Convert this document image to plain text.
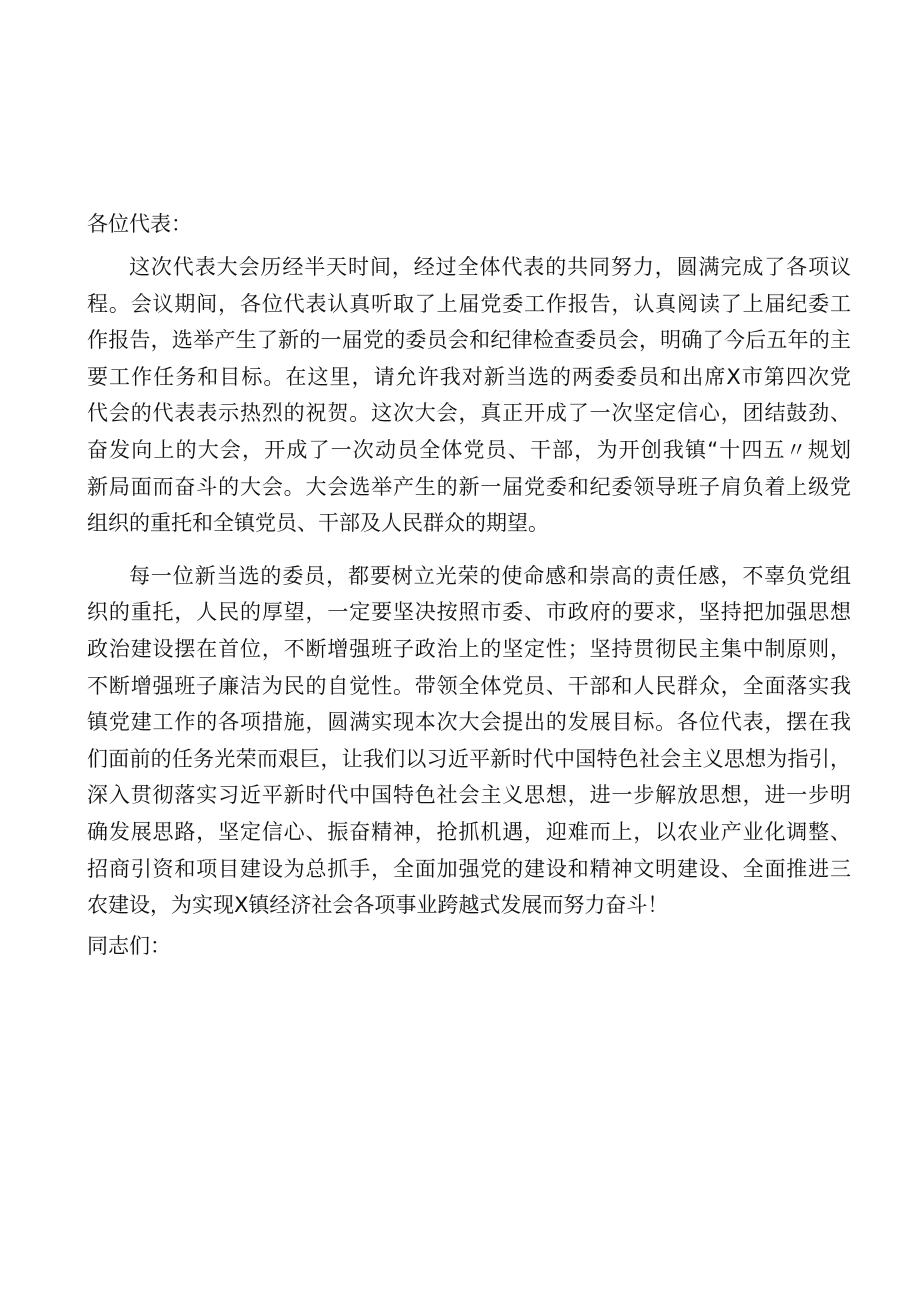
各位代表：
这次代表大会历经半天时间，经过全体代表的共同努力，圆满完成了各项议
程。会议期间，各位代表认真听取了上届党委工作报告，认真阅读了上届纪委工
作报告，选举产生了新的一届党的委员会和纪律检查委员会，明确了今后五年的主
要工作任务和目标。在这里，请允许我对新当选的两委委员和出席X市第四次党
代会的代表表示热烈的祝贺。这次大会，真正开成了一次坚定信心，团结鼓劲、
奋发向上的大会，开成了一次动员全体党员、干部，为开创我镇“十四五〃规划
新局面而奋斗的大会。大会选举产生的新一届党委和纪委领导班子肩负着上级党
组织的重托和全镇党员、干部及人民群众的期望。
每一位新当选的委员，都要树立光荣的使命感和崇高的责任感，不辜负党组
织的重托，人民的厚望，一定要坚决按照市委、市政府的要求，坚持把加强思想
政治建设摆在首位，不断增强班子政治上的坚定性；坚持贯彻民主集中制原则，
不断增强班子廉洁为民的自觉性。带领全体党员、干部和人民群众，全面落实我
镇党建工作的各项措施，圆满实现本次大会提出的发展目标。各位代表，摆在我
们面前的任务光荣而艰巨，让我们以习近平新时代中国特色社会主义思想为指引，
深入贯彻落实习近平新时代中国特色社会主义思想，进一步解放思想，进一步明
确发展思路，坚定信心、振奋精神，抢抓机遇，迎难而上，以农业产业化调整、
招商引资和项目建设为总抓手，全面加强党的建设和精神文明建设、全面推进三
农建设，为实现X镇经济社会各项事业跨越式发展而努力奋斗！
同志们：
